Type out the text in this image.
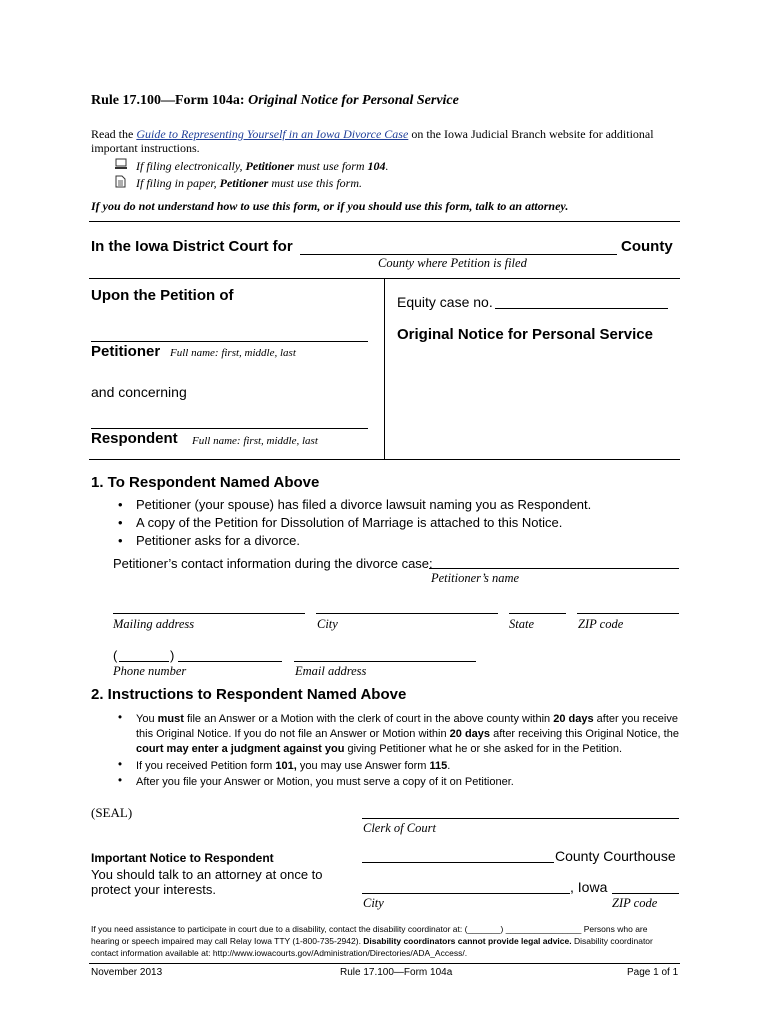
Rule 17.100—Form 104a: Original Notice for Personal Service
Read the Guide to Representing Yourself in an Iowa Divorce Case on the Iowa Judicial Branch website for additional
important instructions.
If filing electronically, Petitioner must use form 104.
If filing in paper, Petitioner must use this form.
If you do not understand how to use this form, or if you should use this form, talk to an attorney.
In the Iowa District Court for	County
County where Petition is filed
Upon the Petition of
Petitioner Full name: first, middle, last
and concerning
Respondent Full name: first, middle, last
Equity case no.
Original Notice for Personal Service
1. To Respondent Named Above
• Petitioner (your spouse) has filed a divorce lawsuit naming you as Respondent.
• A copy of the Petition for Dissolution of Marriage is attached to this Notice.
• Petitioner asks for a divorce.
Petitioner’s contact information during the divorce case:
Petitioner’s name
Mailing address	City	State	ZIP code
(	)
Phone number	Email address
2. Instructions to Respondent Named Above
• You must file an Answer or a Motion with the clerk of court in the above county within 20 days after you receive
this Original Notice. If you do not file an Answer or Motion within 20 days after receiving this Original Notice, the
court may enter a judgment against you giving Petitioner what he or she asked for in the Petition.
• If you received Petition form 101, you may use Answer form 115.
• After you file your Answer or Motion, you must serve a copy of it on Petitioner.
(SEAL)
Clerk of Court
Important Notice to Respondent
You should talk to an attorney at once to
protect your interests.
County Courthouse
, Iowa
City	ZIP code
If you need assistance to participate in court due to a disability, contact the disability coordinator at: (_______) ________________ Persons who are
hearing or speech impaired may call Relay Iowa TTY (1-800-735-2942). Disability coordinators cannot provide legal advice. Disability coordinator
contact information available at: http://www.iowacourts.gov/Administration/Directories/ADA_Access/.
November 2013	Rule 17.100—Form 104a	Page 1 of 1
